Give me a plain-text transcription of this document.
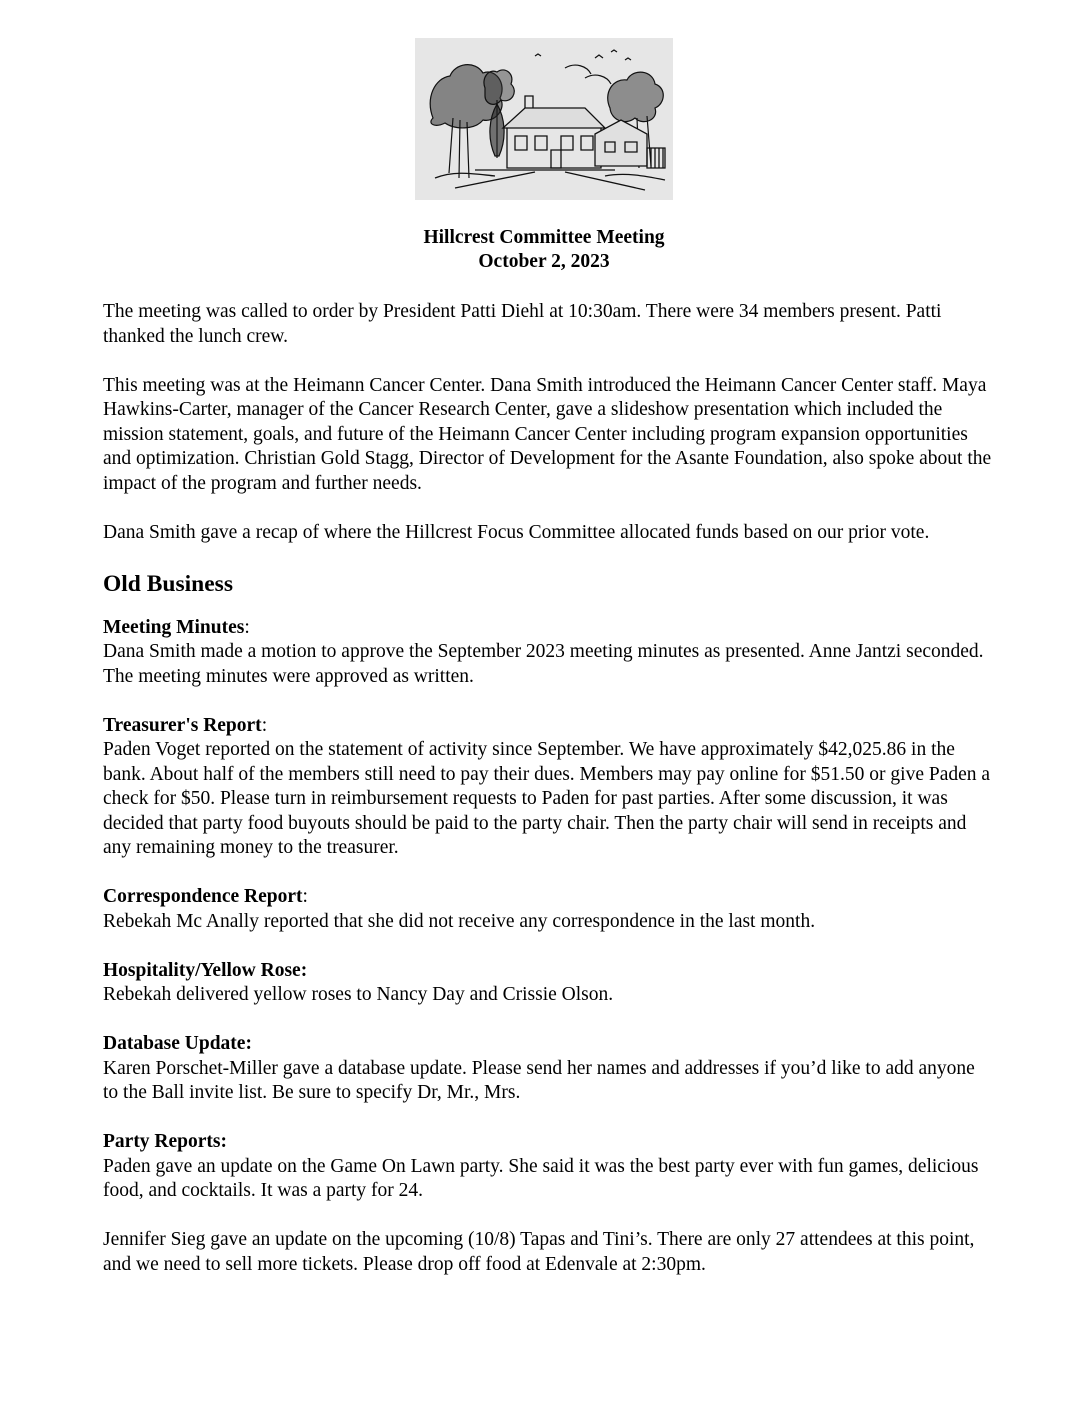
Hillcrest Committee Meeting
October 2, 2023

The meeting was called to order by President Patti Diehl at 10:30am. There were 34 members present. Patti thanked the lunch crew.

This meeting was at the Heimann Cancer Center. Dana Smith introduced the Heimann Cancer Center staff. Maya Hawkins-Carter, manager of the Cancer Research Center, gave a slideshow presentation which included the mission statement, goals, and future of the Heimann Cancer Center including program expansion opportunities and optimization. Christian Gold Stagg, Director of Development for the Asante Foundation, also spoke about the impact of the program and further needs.

Dana Smith gave a recap of where the Hillcrest Focus Committee allocated funds based on our prior vote.

Old Business

Meeting Minutes:

Dana Smith made a motion to approve the September 2023 meeting minutes as presented. Anne Jantzi seconded. The meeting minutes were approved as written.

Treasurer's Report:

Paden Voget reported on the statement of activity since September. We have approximately $42,025.86 in the bank. About half of the members still need to pay their dues. Members may pay online for $51.50 or give Paden a check for $50. Please turn in reimbursement requests to Paden for past parties. After some discussion, it was decided that party food buyouts should be paid to the party chair. Then the party chair will send in receipts and any remaining money to the treasurer.

Correspondence Report:

Rebekah Mc Anally reported that she did not receive any correspondence in the last month.

Hospitality/Yellow Rose:

Rebekah delivered yellow roses to Nancy Day and Crissie Olson.

Database Update:

Karen Porschet-Miller gave a database update. Please send her names and addresses if you’d like to add anyone to the Ball invite list. Be sure to specify Dr, Mr., Mrs.

Party Reports:

Paden gave an update on the Game On Lawn party. She said it was the best party ever with fun games, delicious food, and cocktails. It was a party for 24.

Jennifer Sieg gave an update on the upcoming (10/8) Tapas and Tini’s. There are only 27 attendees at this point, and we need to sell more tickets. Please drop off food at Edenvale at 2:30pm.
